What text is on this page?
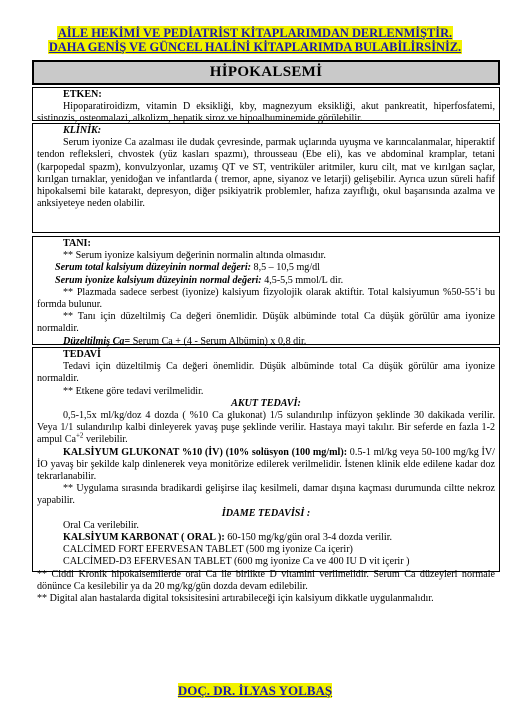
AİLE HEKİMİ VE PEDİATRİST KİTAPLARIMDAN DERLENMİŞTİR.
DAHA GENİŞ VE GÜNCEL HALİNİ KİTAPLARIMDA BULABİLİRSİNİZ.
HİPOKALSEMİ

ETKEN:

Hipoparatiroidizm, vitamin D eksikliği, kby, magnezyum eksikliği, akut pankreatit, hiperfosfatemi, sistinozis, osteomalazi, alkolizm, hepatik siroz ve hipoalbuminemide görülebilir.

KLİNİK:

Serum iyonize Ca azalması ile dudak çevresinde, parmak uçlarında uyuşma ve karıncalanmalar, hiperaktif tendon refleksleri, chvostek (yüz kasları spazmı), throusseau (Ebe eli), kas ve abdominal kramplar, tetani (karpopedal spazm), konvulzyonlar, uzamış QT ve ST, ventriküler aritmiler, kuru cilt, mat ve kırılgan saçlar, kırılgan tırnaklar, yenidoğan ve infantlarda ( tremor, apne, siyanoz ve letarji) gelişebilir. Ayrıca uzun süreli hafif hipokalsemi bile katarakt, depresyon, diğer psikiyatrik problemler, hafıza zayıflığı, okul başarısında azalma ve anksiyeteye neden olabilir.

TANI:

** Serum iyonize kalsiyum değerinin normalin altında olmasıdır.

Serum total kalsiyum düzeyinin normal değeri: 8,5 – 10,5 mg/dl

Serum iyonize kalsiyum düzeyinin normal değeri: 4,5-5,5 mmol/L dir.

** Plazmada sadece serbest (iyonize) kalsiyum fizyolojik olarak aktiftir. Total kalsiyumun %50-55’i bu formda bulunur.

** Tanı için düzeltilmiş Ca değeri önemlidir. Düşük albüminde total Ca düşük görülür ama iyonize normaldir.

Düzeltilmiş Ca= Serum Ca + (4 - Serum Albümin) x 0,8 dir.

TEDAVİ

Tedavi için düzeltilmiş Ca değeri önemlidir. Düşük albüminde total Ca düşük görülür ama iyonize normaldir.

** Etkene göre tedavi verilmelidir.

AKUT TEDAVİ:

0,5-1,5x ml/kg/doz 4 dozda ( %10 Ca glukonat) 1/5 sulandırılıp infüzyon şeklinde 30 dakikada verilir. Veya 1/1 sulandırılıp kalbi dinleyerek yavaş puşe şeklinde verilir. Hastaya mayi takılır. Bir seferde en fazla 1-2 ampul $Ca^{+2}$ verilebilir.

KALSİYUM GLUKONAT %10 (İV) (10% solüsyon (100 mg/ml): 0.5-1 ml/kg veya 50-100 mg/kg İV/İO yavaş bir şekilde kalp dinlenerek veya monitörize edilerek verilmelidir. İstenen klinik elde edilene kadar doz tekrarlanabilir.

** Uygulama sırasında bradikardi gelişirse ilaç kesilmeli, damar dışına kaçması durumunda ciltte nekroz yapabilir.

İDAME TEDAVİSİ :

Oral Ca verilebilir.

KALSİYUM KARBONAT ( ORAL ): 60-150 mg/kg/gün oral 3-4 dozda verilir.

CALCİMED FORT EFERVESAN TABLET (500 mg iyonize Ca içerir)

CALCİMED-D3 EFERVESAN TABLET (600 mg iyonize Ca ve 400 IU D vit içerir )

** Ciddi Kronik hipokalsemilerde oral Ca ile birlikte D vitamini verilmelidir. Serum Ca düzeyleri normale dönünce Ca kesilebilir ya da 20 mg/kg/gün dozda devam edilebilir.

** Digital alan hastalarda digital toksisitesini artırabileceği için kalsiyum dikkatle uygulanmalıdır.

DOÇ. DR. İLYAS YOLBAŞ
